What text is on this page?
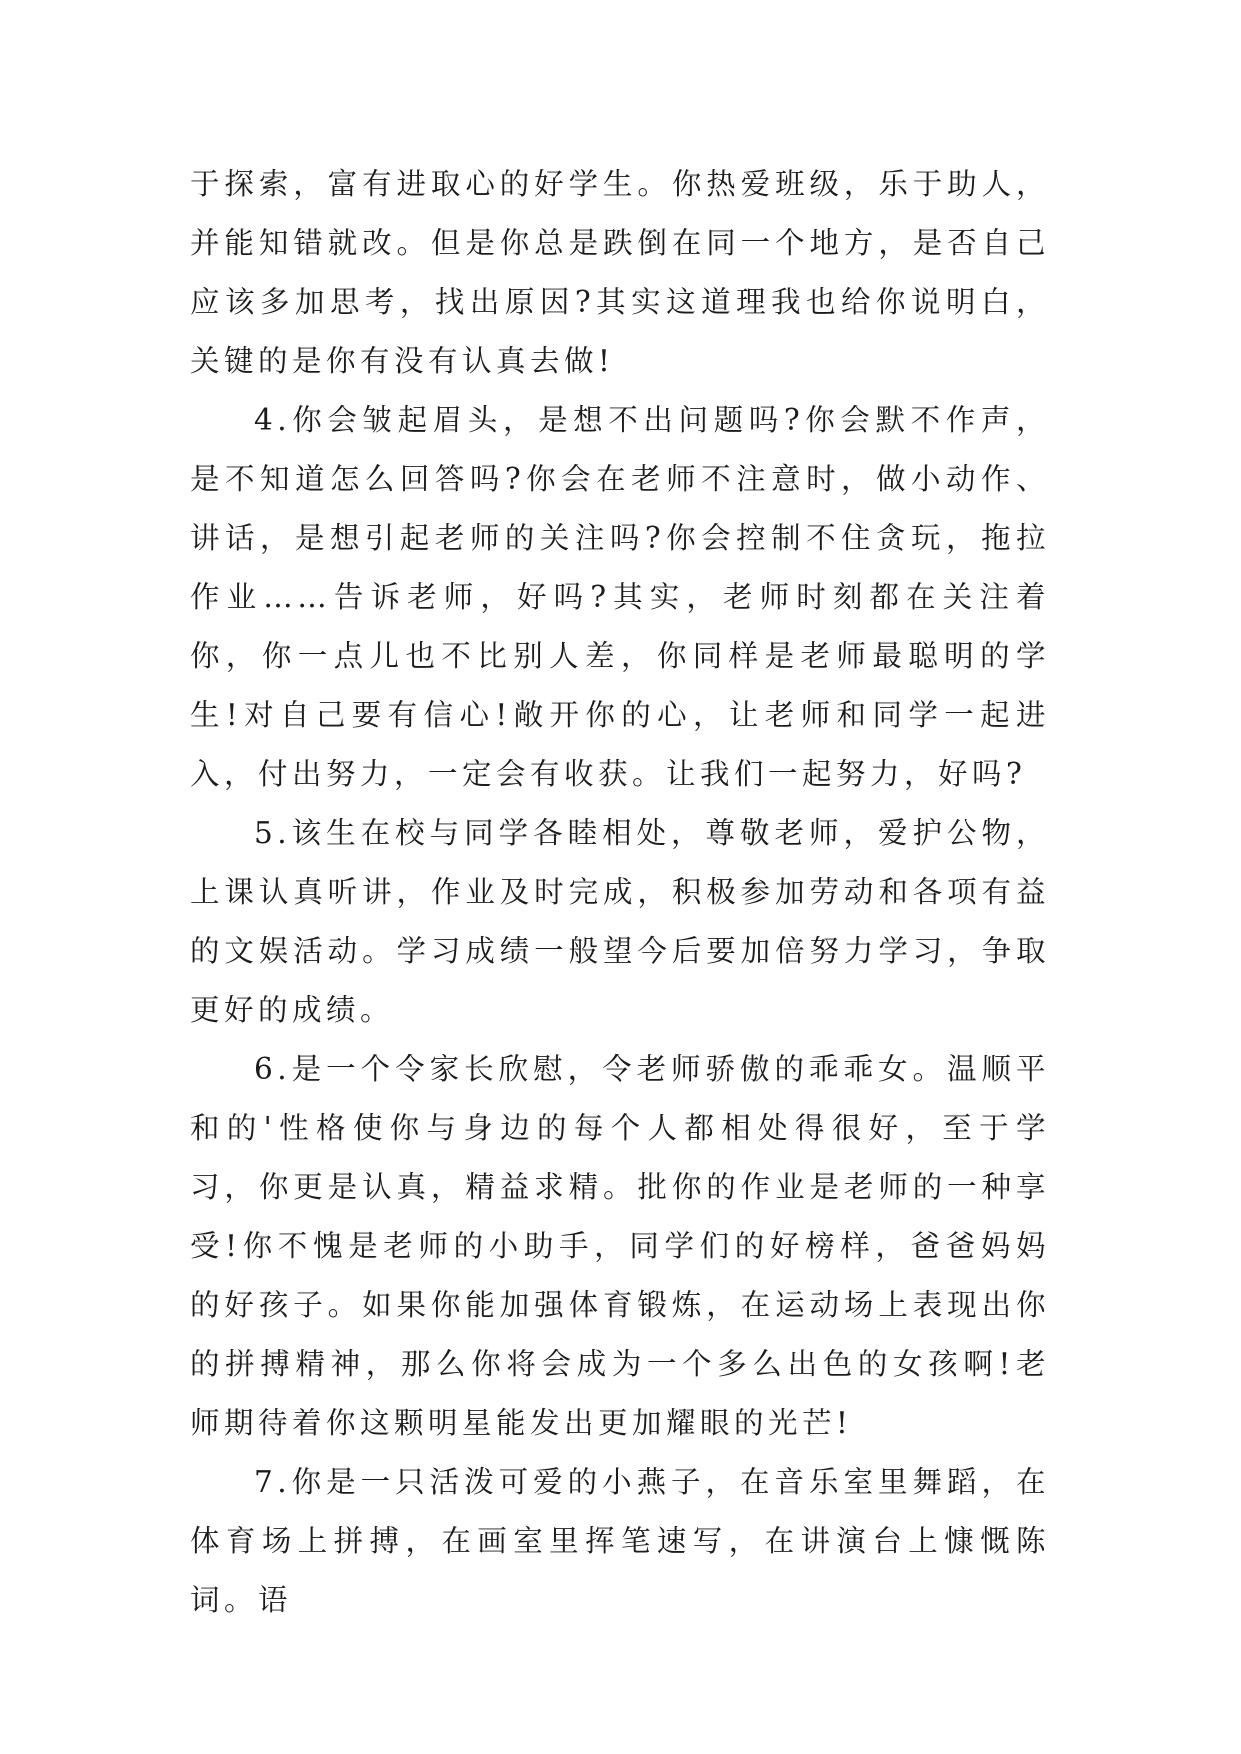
于探索，富有进取心的好学生。你热爱班级，乐于助人，并能知错就改。但是你总是跌倒在同一个地方，是否自己应该多加思考，找出原因?其实这道理我也给你说明白，关键的是你有没有认真去做!

4.你会皱起眉头，是想不出问题吗?你会默不作声，是不知道怎么回答吗?你会在老师不注意时，做小动作、讲话，是想引起老师的关注吗?你会控制不住贪玩，拖拉作业……告诉老师，好吗?其实，老师时刻都在关注着你，你一点儿也不比别人差，你同样是老师最聪明的学生!对自己要有信心!敞开你的心，让老师和同学一起进入，付出努力，一定会有收获。让我们一起努力，好吗?

5.该生在校与同学各睦相处，尊敬老师，爱护公物，上课认真听讲，作业及时完成，积极参加劳动和各项有益的文娱活动。学习成绩一般望今后要加倍努力学习，争取更好的成绩。

6.是一个令家长欣慰，令老师骄傲的乖乖女。温顺平和的'性格使你与身边的每个人都相处得很好，至于学习，你更是认真，精益求精。批你的作业是老师的一种享受!你不愧是老师的小助手，同学们的好榜样，爸爸妈妈的好孩子。如果你能加强体育锻炼，在运动场上表现出你的拼搏精神，那么你将会成为一个多么出色的女孩啊!老师期待着你这颗明星能发出更加耀眼的光芒!

7.你是一只活泼可爱的小燕子，在音乐室里舞蹈，在体育场上拼搏，在画室里挥笔速写，在讲演台上慷慨陈词。语
